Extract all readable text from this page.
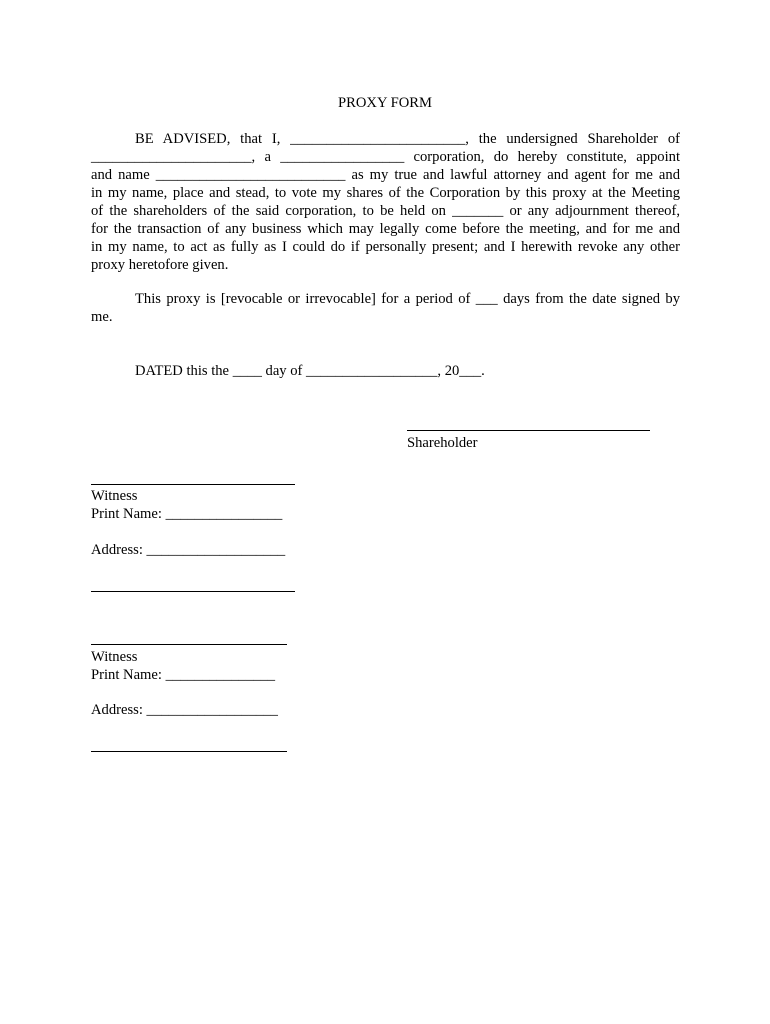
PROXY FORM
BE ADVISED, that I, ________________________, the undersigned Shareholder of
______________________, a _________________ corporation, do hereby constitute, appoint
and name __________________________ as my true and lawful attorney and agent for me and
in my name, place and stead, to vote my shares of the Corporation by this proxy at the Meeting
of the shareholders of the said corporation, to be held on _______ or any adjournment thereof,
for the transaction of any business which may legally come before the meeting, and for me and
in my name, to act as fully as I could do if personally present; and I herewith revoke any other
proxy heretofore given.
This proxy is [revocable or irrevocable] for a period of ___ days from the date signed by
me.
DATED this the ____ day of __________________, 20___.
Shareholder
Witness
Print Name: ________________
Address: ___________________
Witness
Print Name: _______________
Address: __________________
